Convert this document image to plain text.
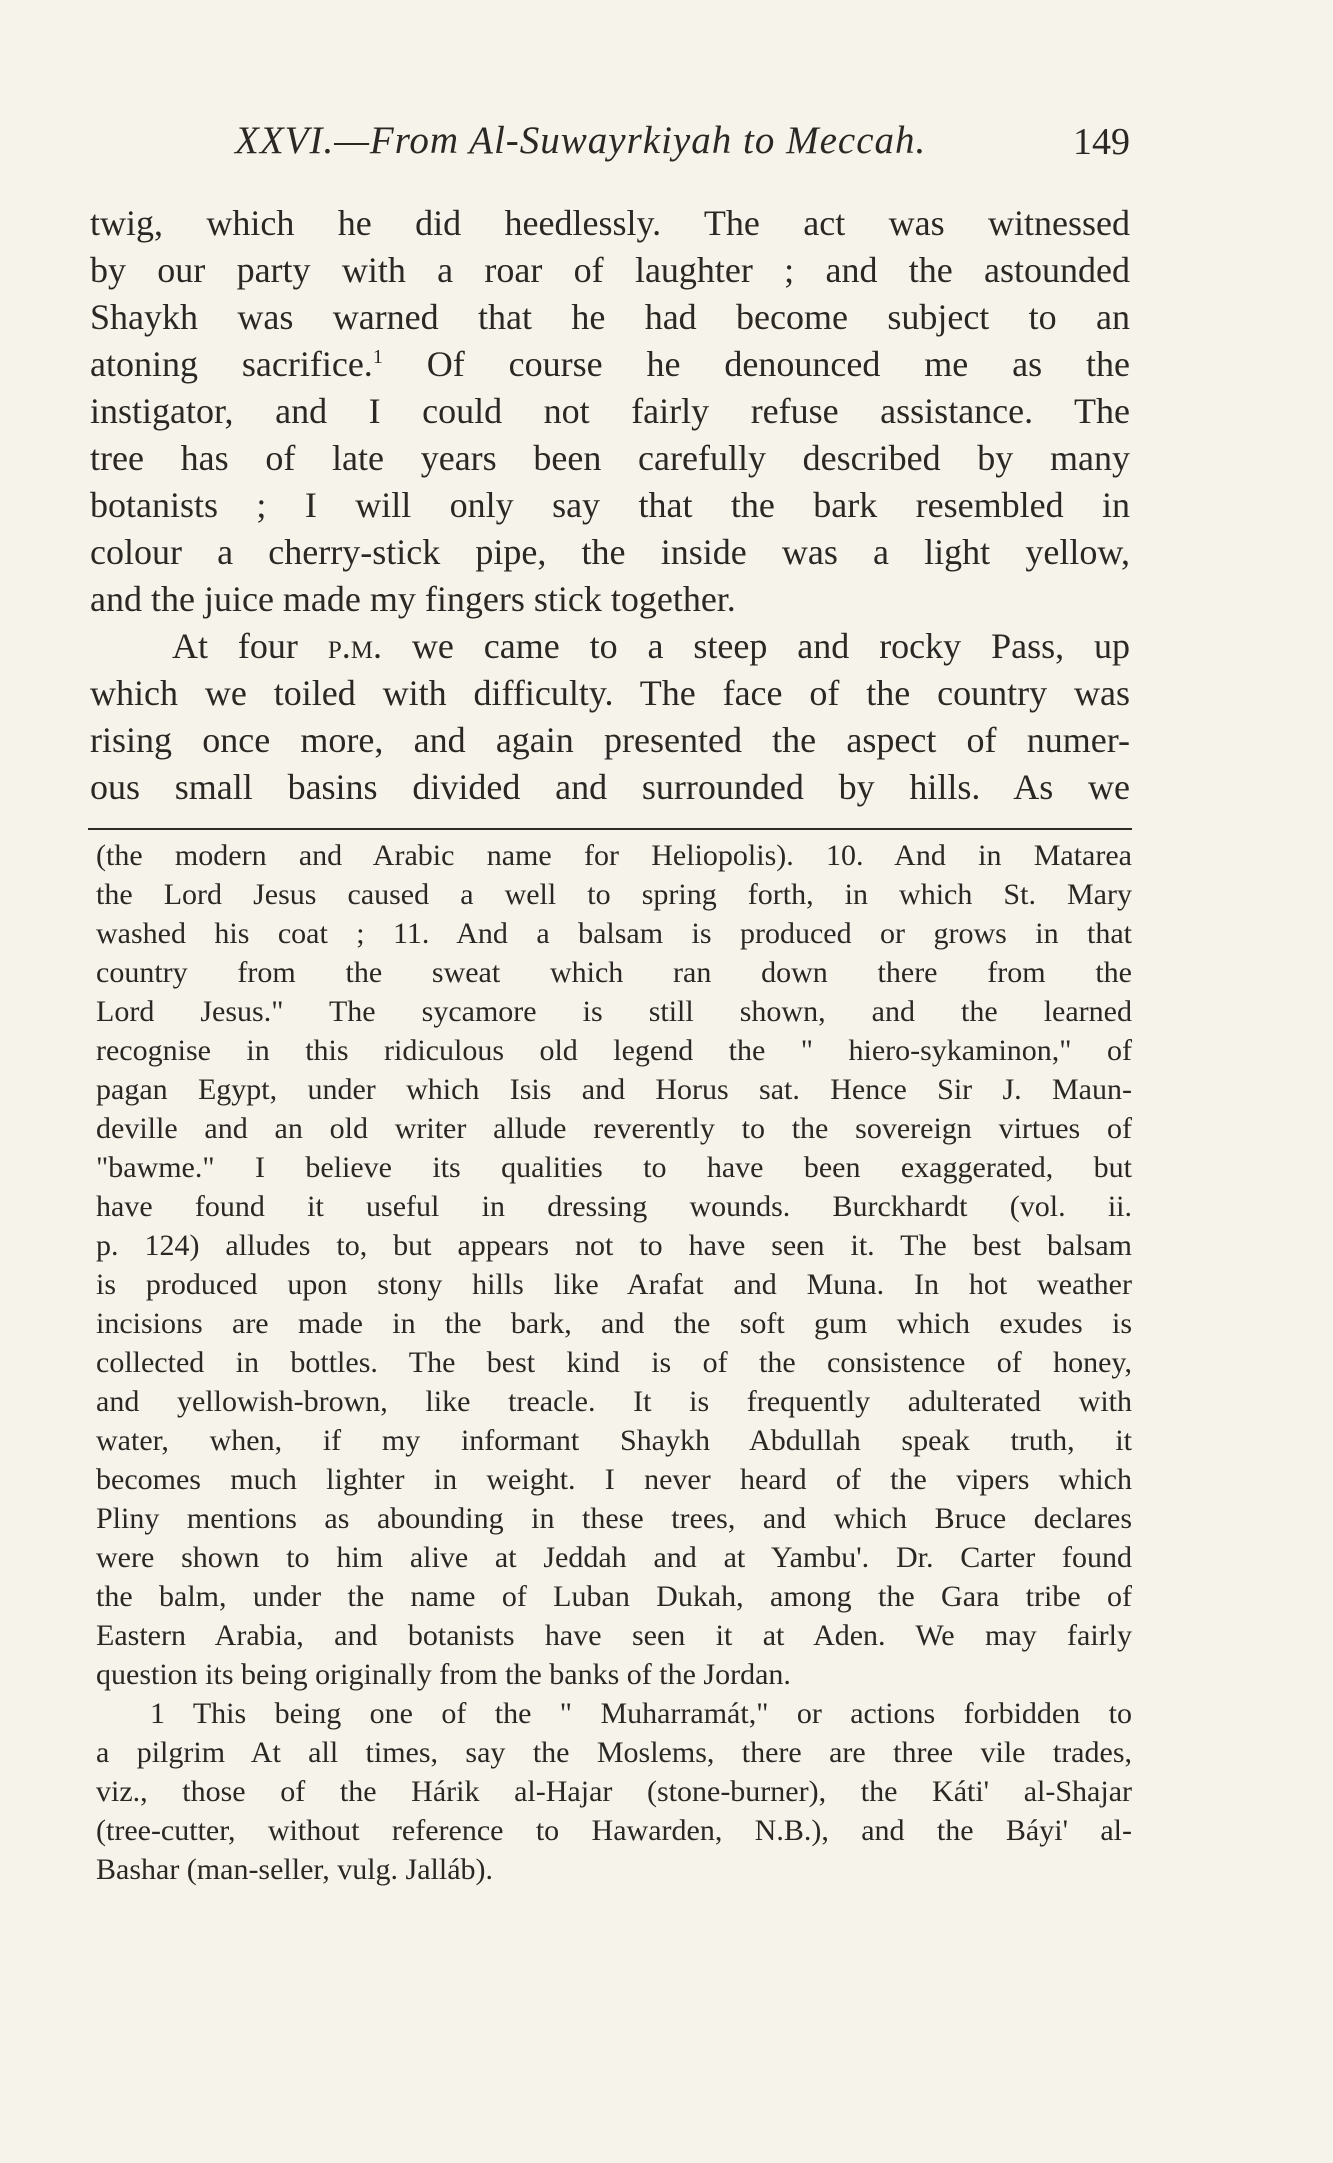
XXVI.—From Al-Suwayrkiyah to Meccah.	149
twig, which he did heedlessly. The act was witnessed
by our party with a roar of laughter ; and the astounded
Shaykh was warned that he had become subject to an
atoning sacrifice.$^1$ Of course he denounced me as the
instigator, and I could not fairly refuse assistance. The
tree has of late years been carefully described by many
botanists ; I will only say that the bark resembled in
colour a cherry-stick pipe, the inside was a light yellow,
and the juice made my fingers stick together.
At four p.m. we came to a steep and rocky Pass, up
which we toiled with difficulty. The face of the country was
rising once more, and again presented the aspect of numer-
ous small basins divided and surrounded by hills. As we
(the modern and Arabic name for Heliopolis). 10. And in Matarea
the Lord Jesus caused a well to spring forth, in which St. Mary
washed his coat ; 11. And a balsam is produced or grows in that
country from the sweat which ran down there from the
Lord Jesus." The sycamore is still shown, and the learned
recognise in this ridiculous old legend the " hiero-sykaminon," of
pagan Egypt, under which Isis and Horus sat. Hence Sir J. Maun-
deville and an old writer allude reverently to the sovereign virtues of
"bawme." I believe its qualities to have been exaggerated, but
have found it useful in dressing wounds. Burckhardt (vol. ii.
p. 124) alludes to, but appears not to have seen it. The best balsam
is produced upon stony hills like Arafat and Muna. In hot weather
incisions are made in the bark, and the soft gum which exudes is
collected in bottles. The best kind is of the consistence of honey,
and yellowish-brown, like treacle. It is frequently adulterated with
water, when, if my informant Shaykh Abdullah speak truth, it
becomes much lighter in weight. I never heard of the vipers which
Pliny mentions as abounding in these trees, and which Bruce declares
were shown to him alive at Jeddah and at Yambu'. Dr. Carter found
the balm, under the name of Luban Dukah, among the Gara tribe of
Eastern Arabia, and botanists have seen it at Aden. We may fairly
question its being originally from the banks of the Jordan.
1 This being one of the " Muharramát," or actions forbidden to
a pilgrim At all times, say the Moslems, there are three vile trades,
viz., those of the Hárik al-Hajar (stone-burner), the Káti' al-Shajar
(tree-cutter, without reference to Hawarden, N.B.), and the Báyi' al-
Bashar (man-seller, vulg. Jalláb).
